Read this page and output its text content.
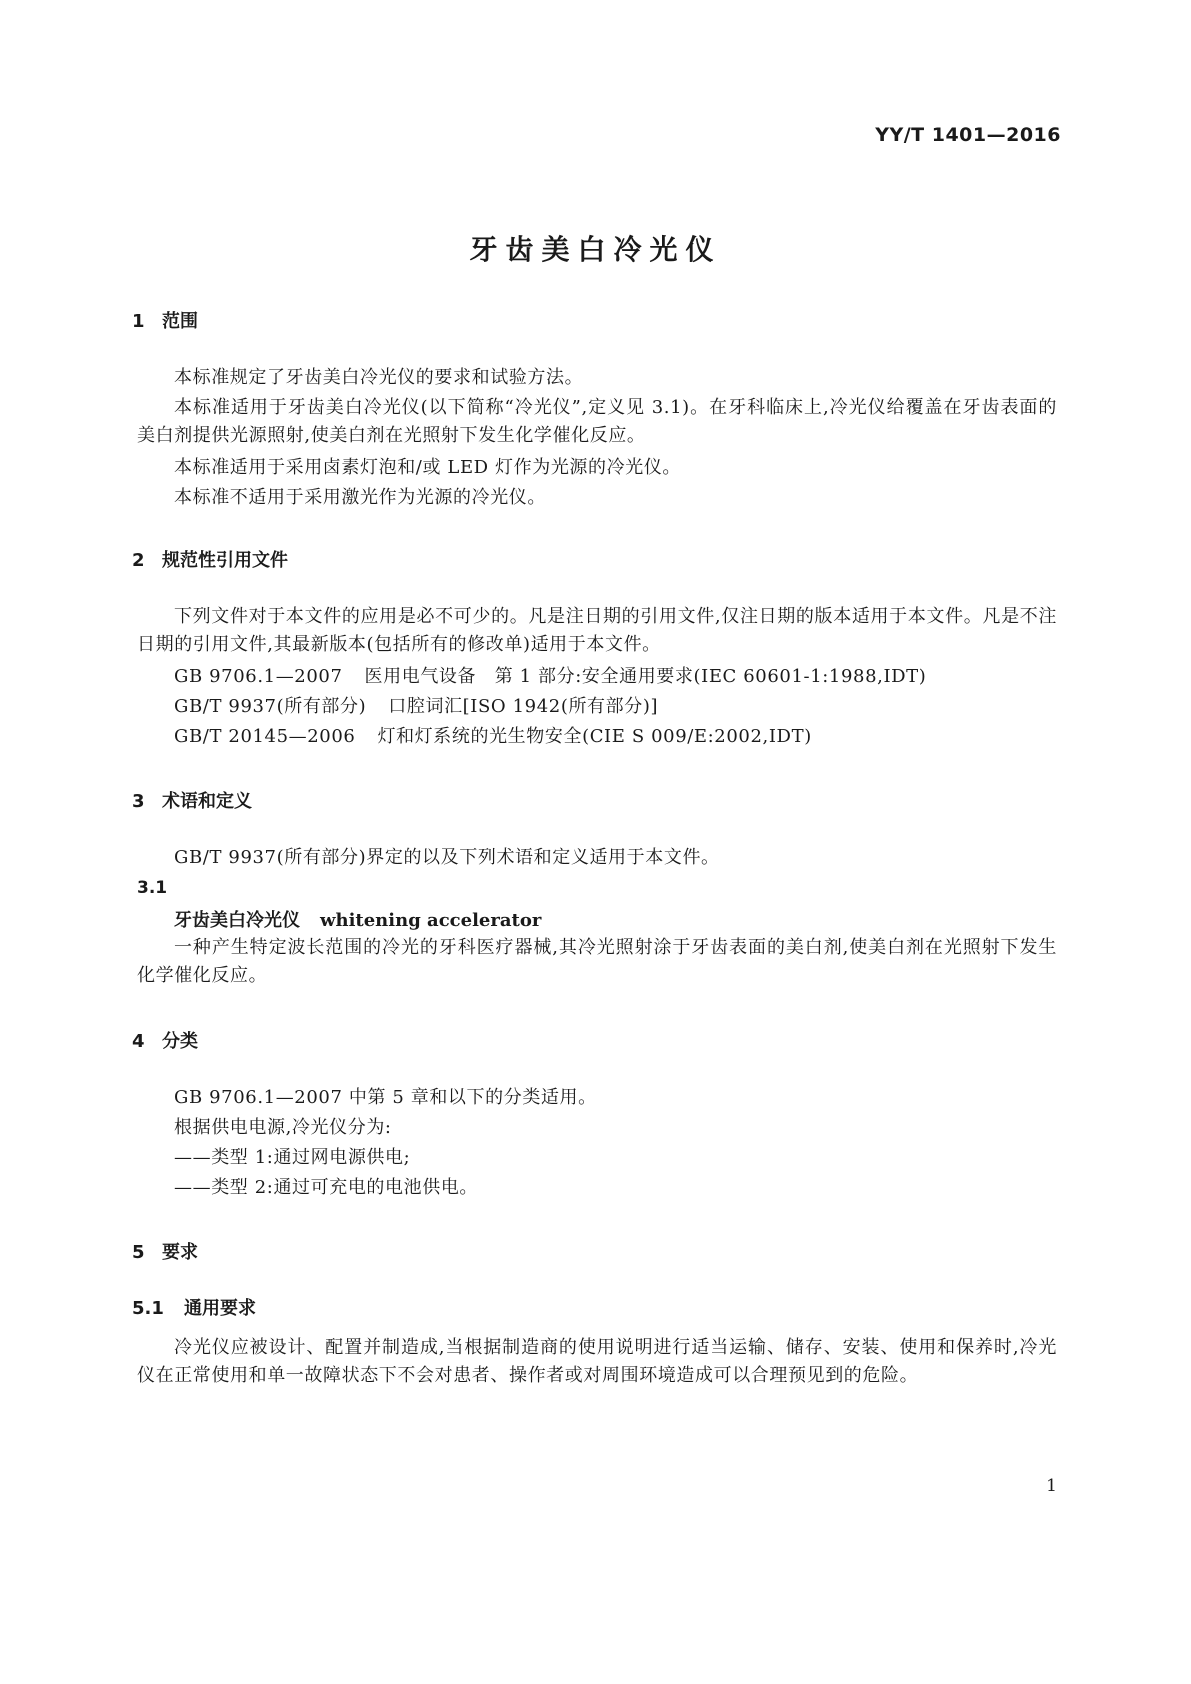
YY/T 1401—2016
牙齿美白冷光仪
1 范围

本标准规定了牙齿美白冷光仪的要求和试验方法。

本标准适用于牙齿美白冷光仪(以下简称“冷光仪”,定义见 3.1)。在牙科临床上,冷光仪给覆盖在牙齿表面的美白剂提供光源照射,使美白剂在光照射下发生化学催化反应。

本标准适用于采用卤素灯泡和/或 LED 灯作为光源的冷光仪。

本标准不适用于采用激光作为光源的冷光仪。

2 规范性引用文件

下列文件对于本文件的应用是必不可少的。凡是注日期的引用文件,仅注日期的版本适用于本文件。凡是不注日期的引用文件,其最新版本(包括所有的修改单)适用于本文件。

GB 9706.1—2007 医用电气设备　第 1 部分:安全通用要求(IEC 60601-1:1988,IDT)

GB/T 9937(所有部分) 口腔词汇[ISO 1942(所有部分)]

GB/T 20145—2006 灯和灯系统的光生物安全(CIE S 009/E:2002,IDT)

3 术语和定义

GB/T 9937(所有部分)界定的以及下列术语和定义适用于本文件。

3.1

牙齿美白冷光仪 whitening accelerator

一种产生特定波长范围的冷光的牙科医疗器械,其冷光照射涂于牙齿表面的美白剂,使美白剂在光照射下发生化学催化反应。

4 分类

GB 9706.1—2007 中第 5 章和以下的分类适用。

根据供电电源,冷光仪分为:

——类型 1:通过网电源供电;

——类型 2:通过可充电的电池供电。

5 要求
5.1 通用要求

冷光仪应被设计、配置并制造成,当根据制造商的使用说明进行适当运输、储存、安装、使用和保养时,冷光仪在正常使用和单一故障状态下不会对患者、操作者或对周围环境造成可以合理预见到的危险。

1
